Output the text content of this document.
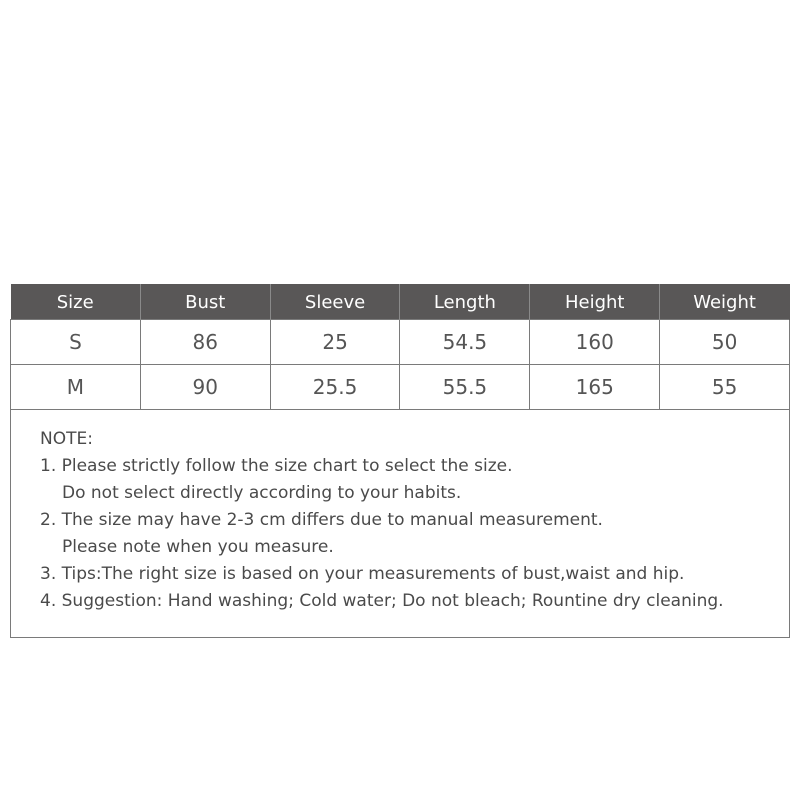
Size	Bust	Sleeve	Length	Height	Weight
S	86	25	54.5	160	50
M	90	25.5	55.5	165	55
NOTE:
1. Please strictly follow the size chart to select the size.
Do not select directly according to your habits.
2. The size may have 2-3 cm differs due to manual measurement.
Please note when you measure.
3. Tips:The right size is based on your measurements of bust,waist and hip.
4. Suggestion: Hand washing; Cold water; Do not bleach; Rountine dry cleaning.
